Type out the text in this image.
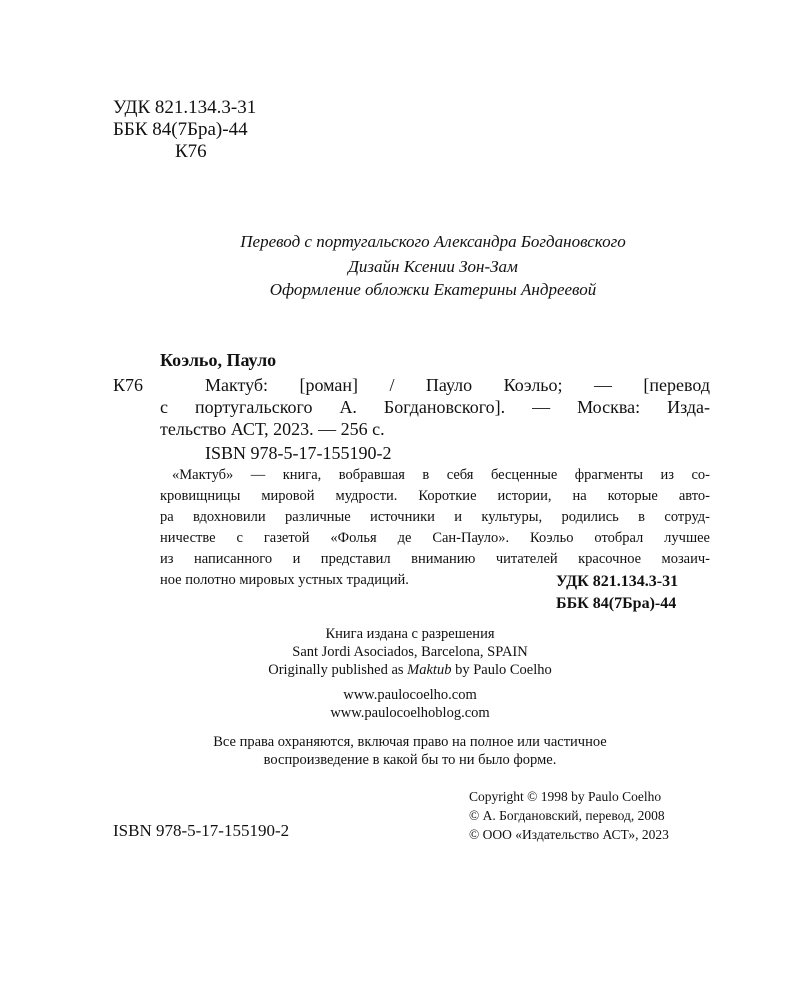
УДК 821.134.3-31
ББК 84(7Бра)-44
К76
Перевод с португальского Александра Богдановского
Дизайн Ксении Зон-Зам
Оформление обложки Екатерины Андреевой
Коэльо, Пауло
К76	Мактуб: [роман] / Пауло Коэльо; — [перевод
с португальского А. Богдановского]. — Москва: Изда-
тельство АСТ, 2023. — 256 с.
ISBN 978-5-17-155190-2
«Мактуб» — книга, вобравшая в себя бесценные фрагменты из со-
кровищницы мировой мудрости. Короткие истории, на которые авто-
ра вдохновили различные источники и культуры, родились в сотруд-
ничестве с газетой «Фолья де Сан-Пауло». Коэльо отобрал лучшее
из написанного и представил вниманию читателей красочное мозаич-
ное полотно мировых устных традиций.	УДК 821.134.3-31
ББК 84(7Бра)-44
Книга издана с разрешения
Sant Jordi Asociados, Barcelona, SPAIN
Originally published as Maktub by Paulo Coelho
www.paulocoelho.com
www.paulocoelhoblog.com
Все права охраняются, включая право на полное или частичное
воспроизведение в какой бы то ни было форме.
Copyright © 1998 by Paulo Coelho
© А. Богдановский, перевод, 2008
© ООО «Издательство АСТ», 2023
ISBN 978-5-17-155190-2
